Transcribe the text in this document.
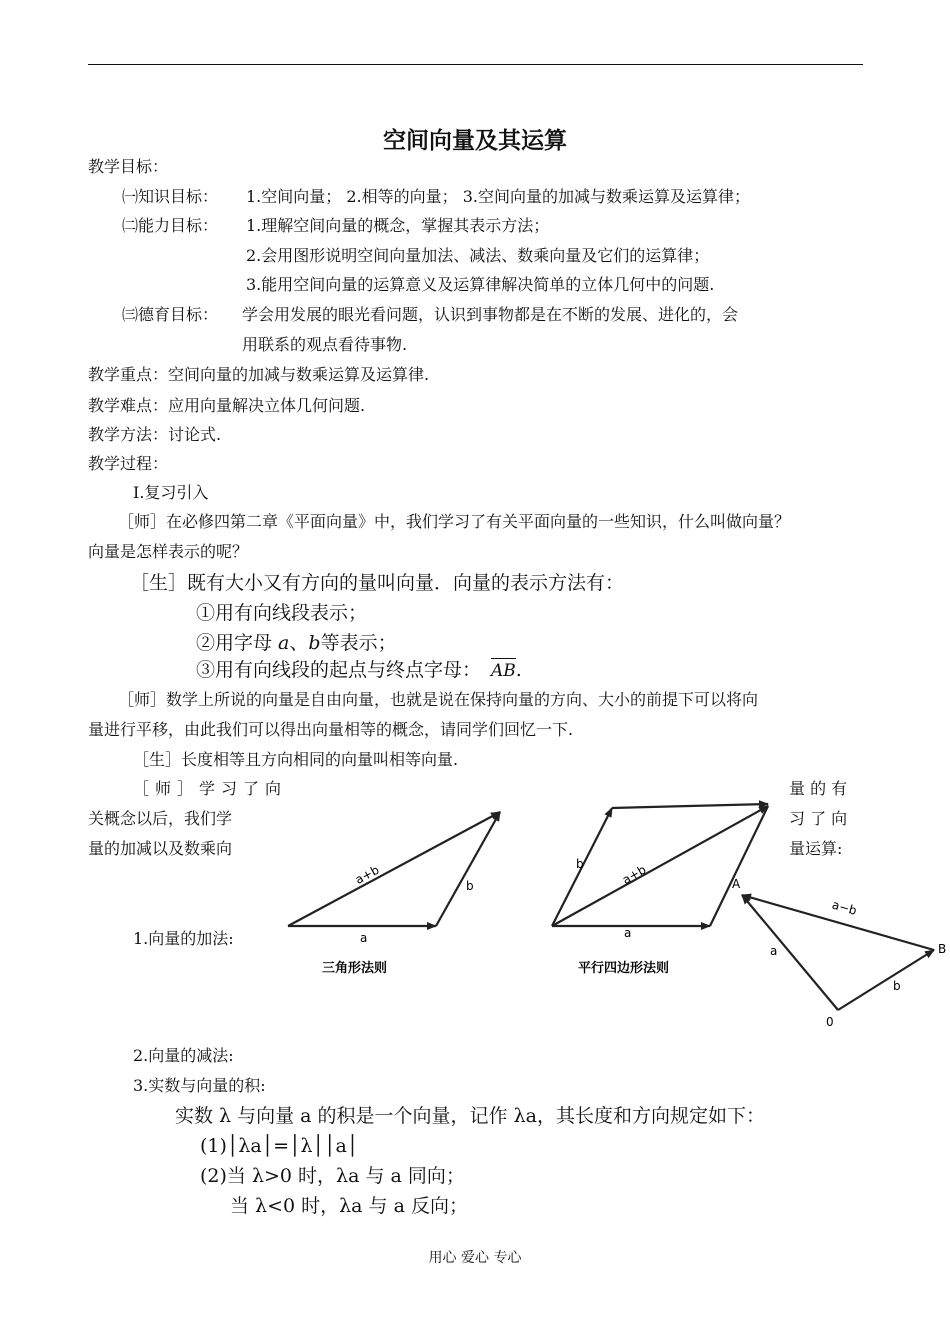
空间向量及其运算
教学目标：
㈠知识目标： 1.空间向量； 2.相等的向量； 3.空间向量的加减与数乘运算及运算律；
㈡能力目标： 1.理解空间向量的概念，掌握其表示方法；
2.会用图形说明空间向量加法、减法、数乘向量及它们的运算律；
3.能用空间向量的运算意义及运算律解决简单的立体几何中的问题.
㈢德育目标： 学会用发展的眼光看问题，认识到事物都是在不断的发展、进化的，会
用联系的观点看待事物.
教学重点：空间向量的加减与数乘运算及运算律.
教学难点：应用向量解决立体几何问题.
教学方法：讨论式.
教学过程：
Ⅰ.复习引入
［师］在必修四第二章《平面向量》中，我们学习了有关平面向量的一些知识，什么叫做向量？
向量是怎样表示的呢？
［生］既有大小又有方向的量叫向量．向量的表示方法有：
①用有向线段表示；
②用字母 a、b等表示；
③用有向线段的起点与终点字母： AB.
［师］数学上所说的向量是自由向量，也就是说在保持向量的方向、大小的前提下可以将向
量进行平移，由此我们可以得出向量相等的概念，请同学们回忆一下.
［生］长度相等且方向相同的向量叫相等向量.
［师］学习了向
关概念以后，我们学
量的加减以及数乘向
量 的 有
习 了 向
量运算:
1.向量的加法:	a
b
a+b
三角形法则
a
b	a+b
平行四边形法则
A
B
0
a
b
a−b
2.向量的减法:
3.实数与向量的积:
实数 λ 与向量 a 的积是一个向量，记作 λa，其长度和方向规定如下：
(1)│λa│=│λ││a│
(2)当 λ>0 时，λa 与 a 同向；
当 λ<0 时，λa 与 a 反向；
用心 爱心 专心
